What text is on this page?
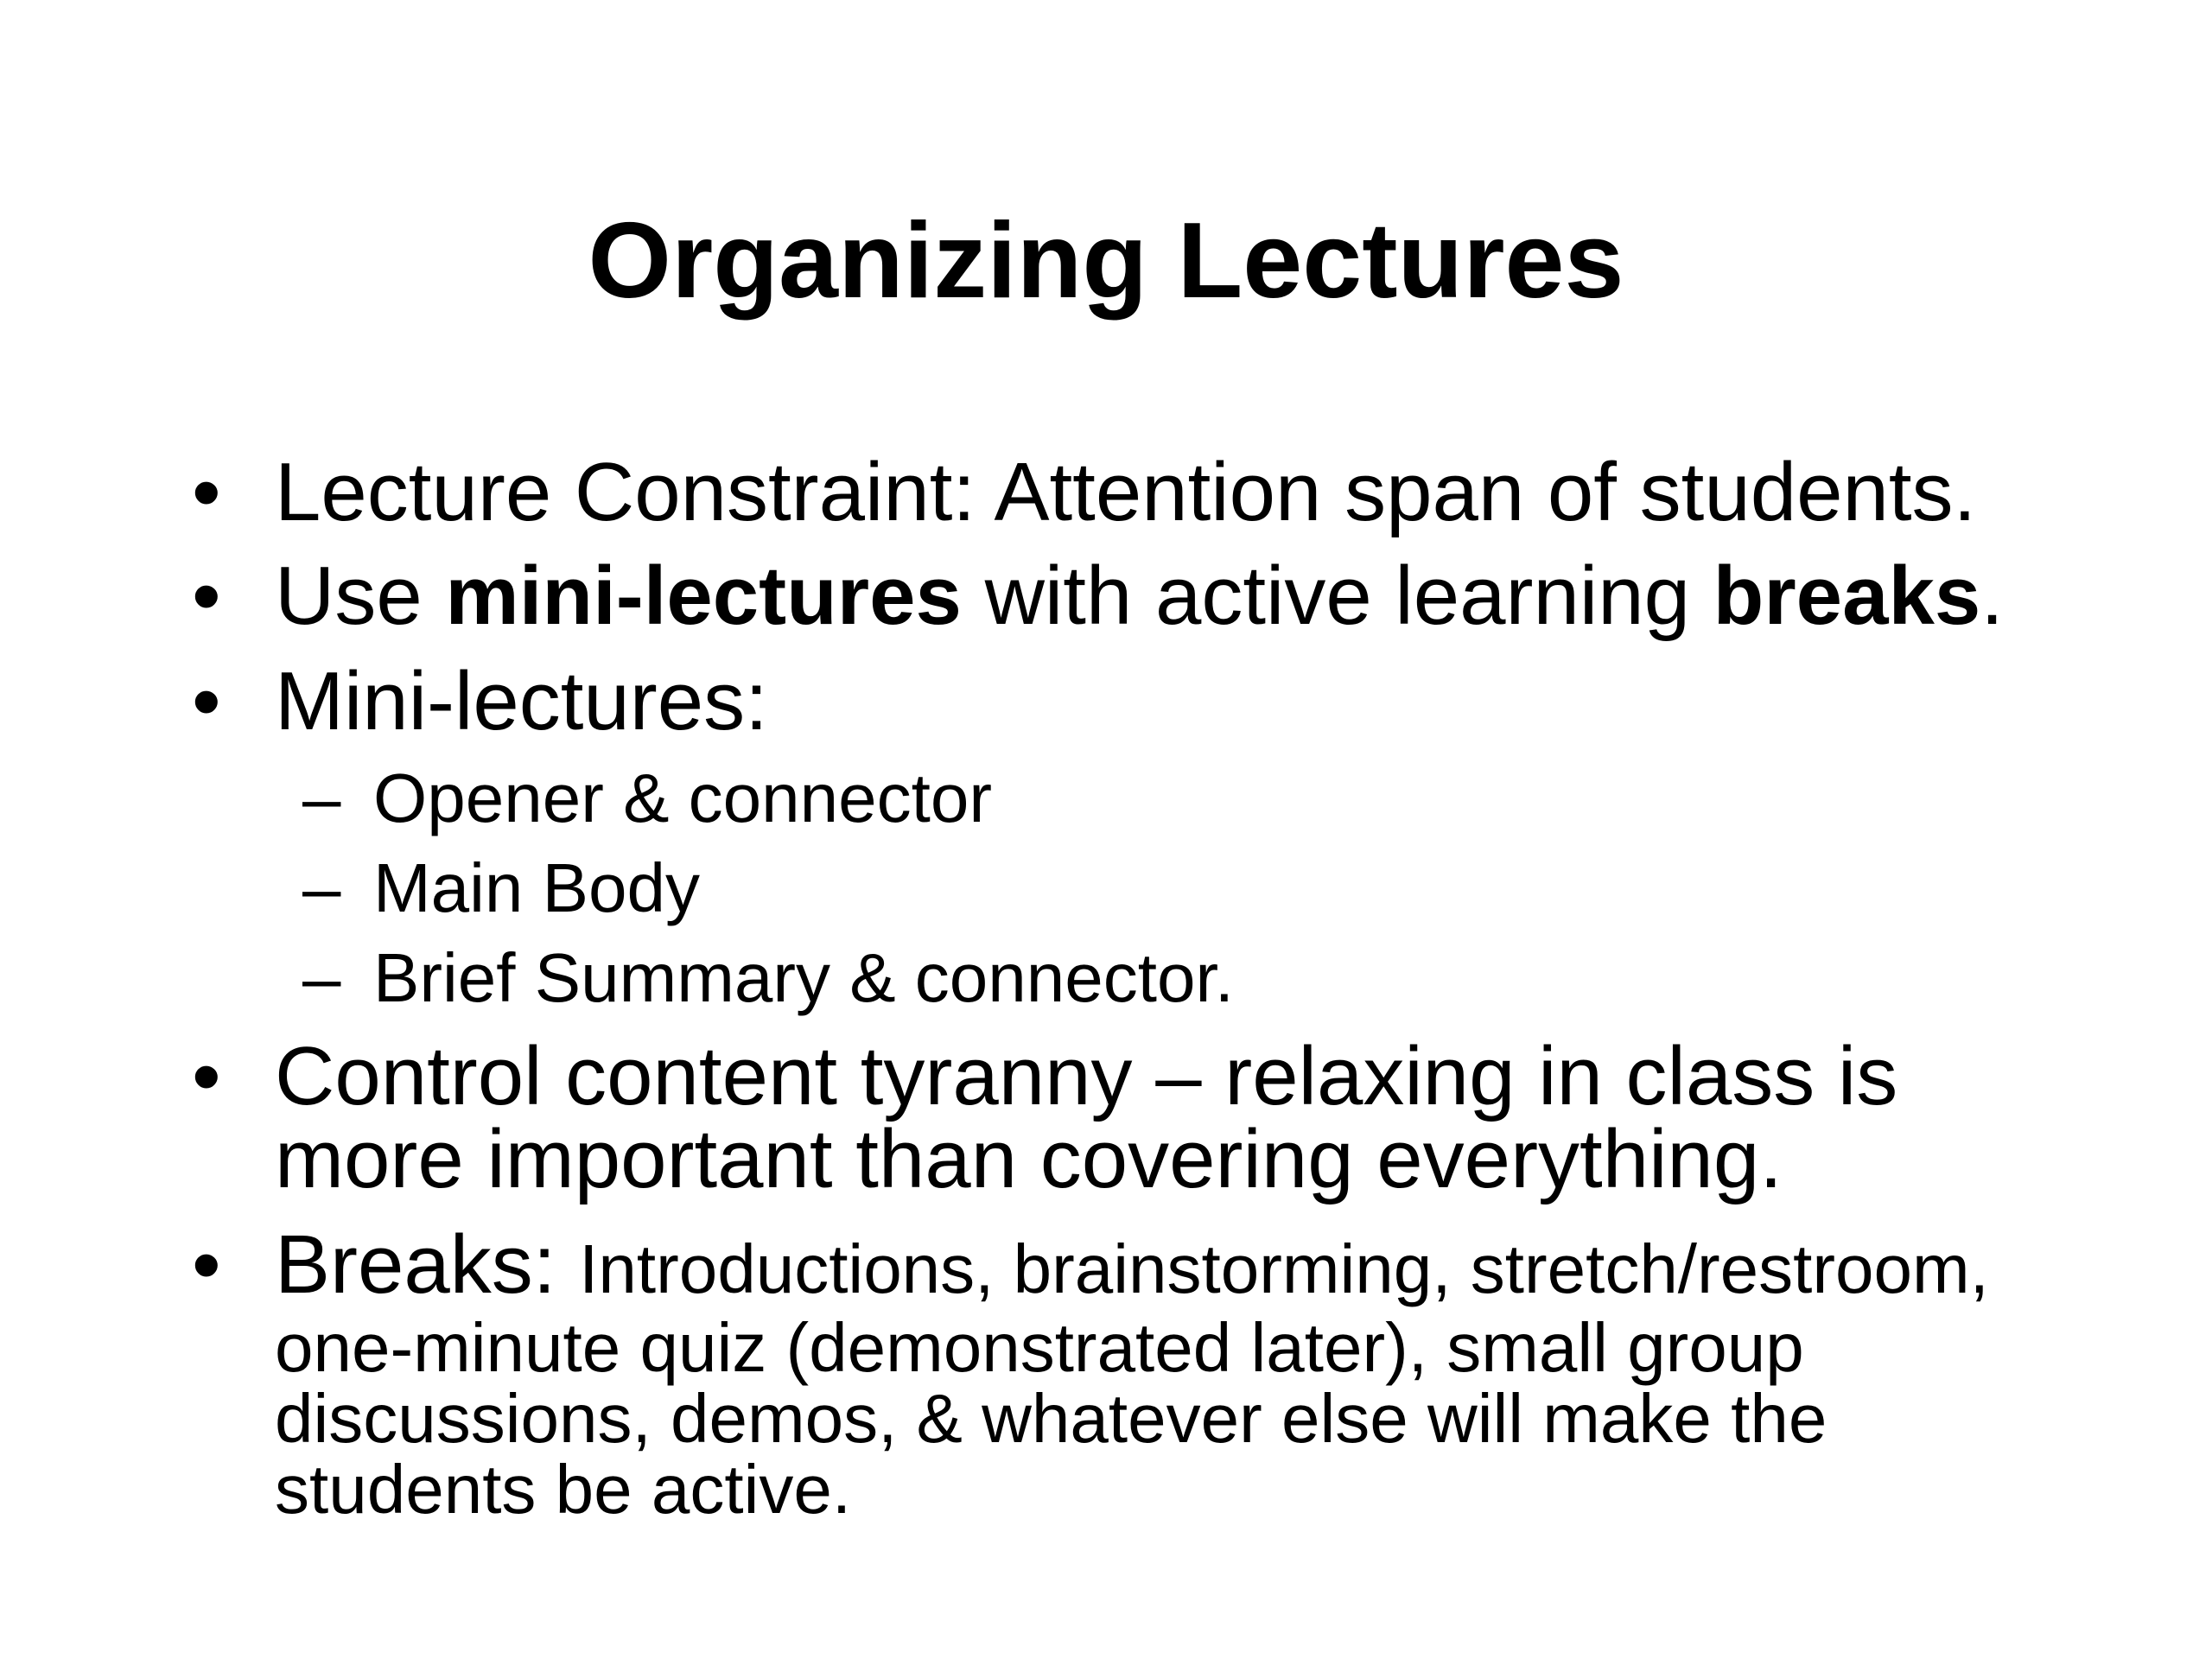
Organizing Lectures
• Lecture Constraint: Attention span of students.
• Use mini-lectures with active learning breaks.
• Mini-lectures:
– Opener & connector
– Main Body
– Brief Summary & connector.
• Control content tyranny – relaxing in class is
more important than covering everything.
• Breaks: Introductions, brainstorming, stretch/restroom,
one-minute quiz (demonstrated later), small group
discussions, demos, & whatever else will make the
students be active.
